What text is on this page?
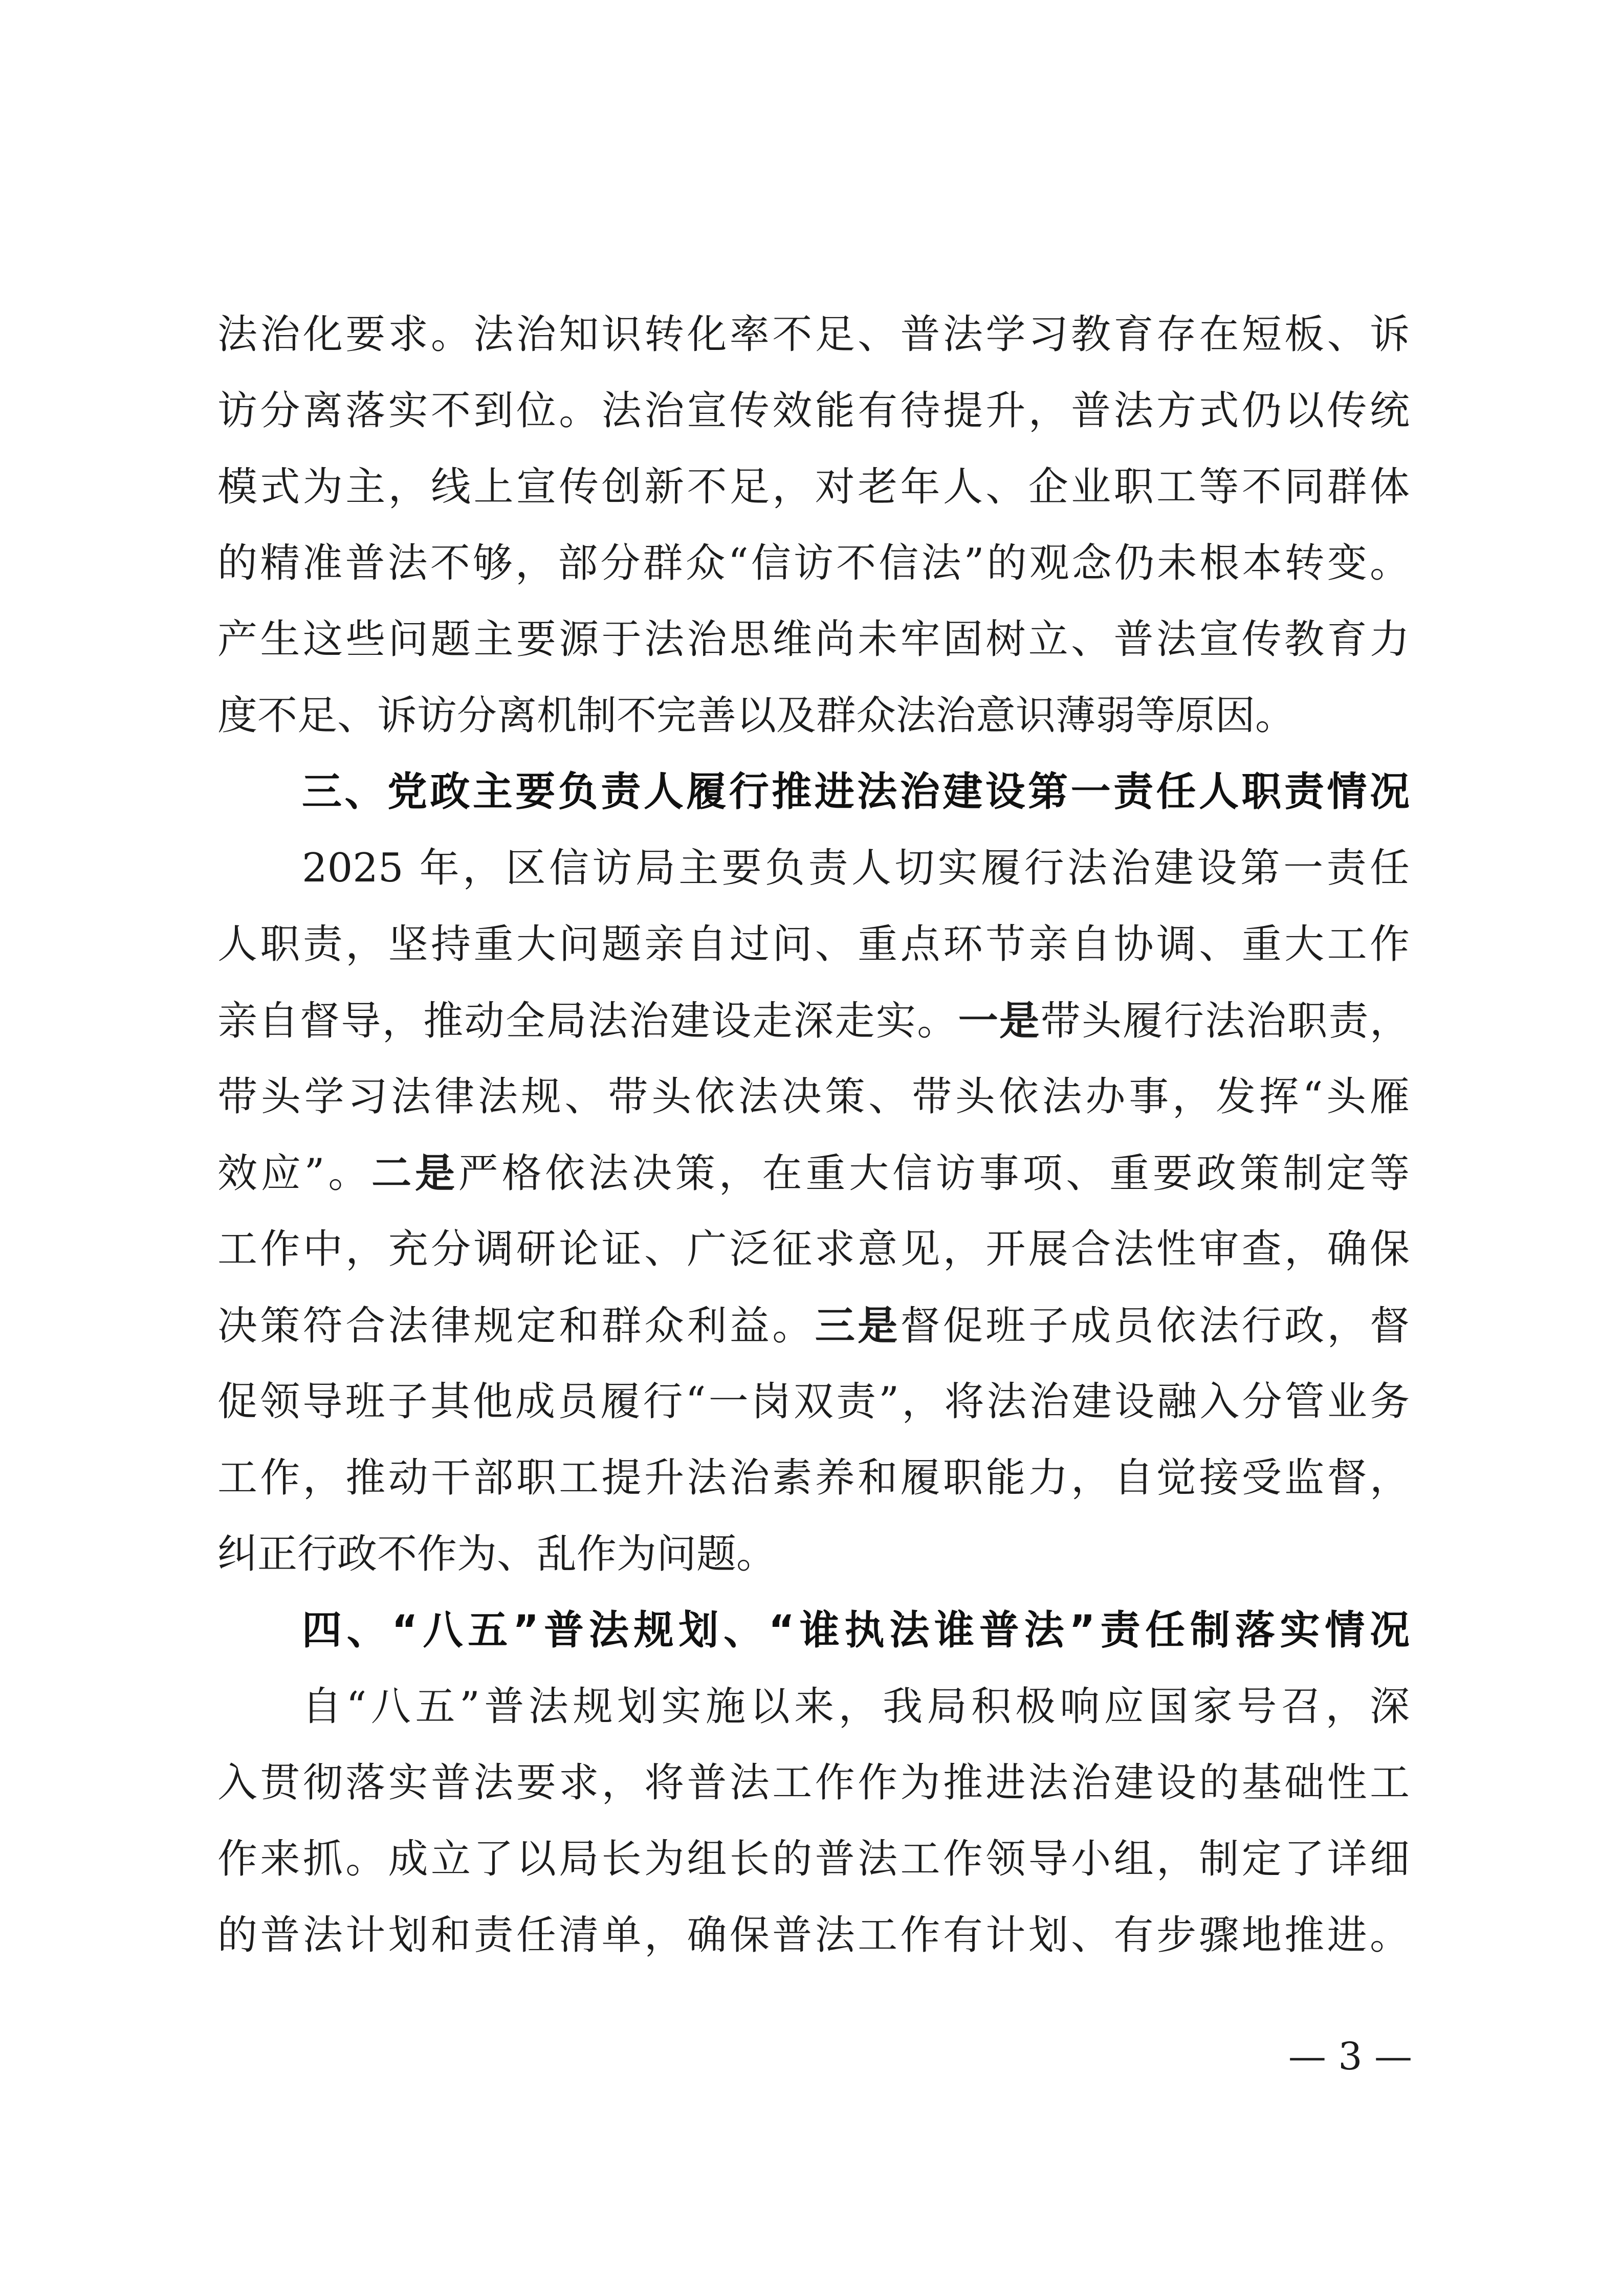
法治化要求。法治知识转化率不足、普法学习教育存在短板、诉
访分离落实不到位。法治宣传效能有待提升，普法方式仍以传统
模式为主，线上宣传创新不足，对老年人、企业职工等不同群体
的精准普法不够，部分群众“信访不信法”的观念仍未根本转变。
产生这些问题主要源于法治思维尚未牢固树立、普法宣传教育力
度不足、诉访分离机制不完善以及群众法治意识薄弱等原因。
三、党政主要负责人履行推进法治建设第一责任人职责情况
2025 年，区信访局主要负责人切实履行法治建设第一责任
人职责，坚持重大问题亲自过问、重点环节亲自协调、重大工作
亲自督导，推动全局法治建设走深走实。一是带头履行法治职责，
带头学习法律法规、带头依法决策、带头依法办事，发挥“头雁
效应”。二是严格依法决策，在重大信访事项、重要政策制定等
工作中，充分调研论证、广泛征求意见，开展合法性审查，确保
决策符合法律规定和群众利益。三是督促班子成员依法行政，督
促领导班子其他成员履行“一岗双责”，将法治建设融入分管业务
工作，推动干部职工提升法治素养和履职能力，自觉接受监督，
纠正行政不作为、乱作为问题。
四、“八五”普法规划、“谁执法谁普法”责任制落实情况
自“八五”普法规划实施以来，我局积极响应国家号召，深
入贯彻落实普法要求，将普法工作作为推进法治建设的基础性工
作来抓。成立了以局长为组长的普法工作领导小组，制定了详细
的普法计划和责任清单，确保普法工作有计划、有步骤地推进。
— 3 —
